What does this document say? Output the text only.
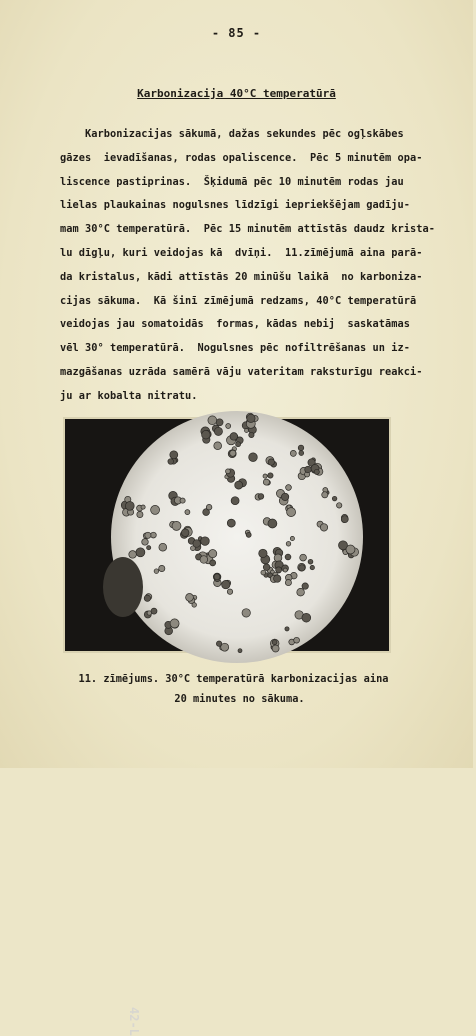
- 85 -
Karbonizacija 40°C temperatūrā
Karbonizacijas sākumā, dažas sekundes pēc ogļskābes
gāzes  ievadīšanas, rodas opaliscence.  Pēc 5 minutēm opa-
liscence pastiprinas.  Šķidumā pēc 10 minutēm rodas jau
lielas plaukainas nogulsnes līdzīgi iepriekšējam gadīju-
mam 30°C temperatūrā.  Pēc 15 minutēm attīstās daudz krista-
lu dīgļu, kuri veidojas kā  dvīņi.  11.zīmējumā aina parā-
da kristalus, kādi attīstās 20 minūšu laikā  no karboniza-
cijas sākuma.  Kā šinī zīmējumā redzams, 40°C temperatūrā
veidojas jau somatoidās  formas, kādas nebij  saskatāmas
vēl 30° temperatūrā.  Nogulsnes pēc nofiltrēšanas un iz-
mazgāšanas uzrāda samērā vāju vateritam raksturīgu reakci-
ju ar kobalta nitratu.
42-L
11. zīmējums. 30°C temperatūrā karbonizacijas aina
20 minutes no sākuma.
